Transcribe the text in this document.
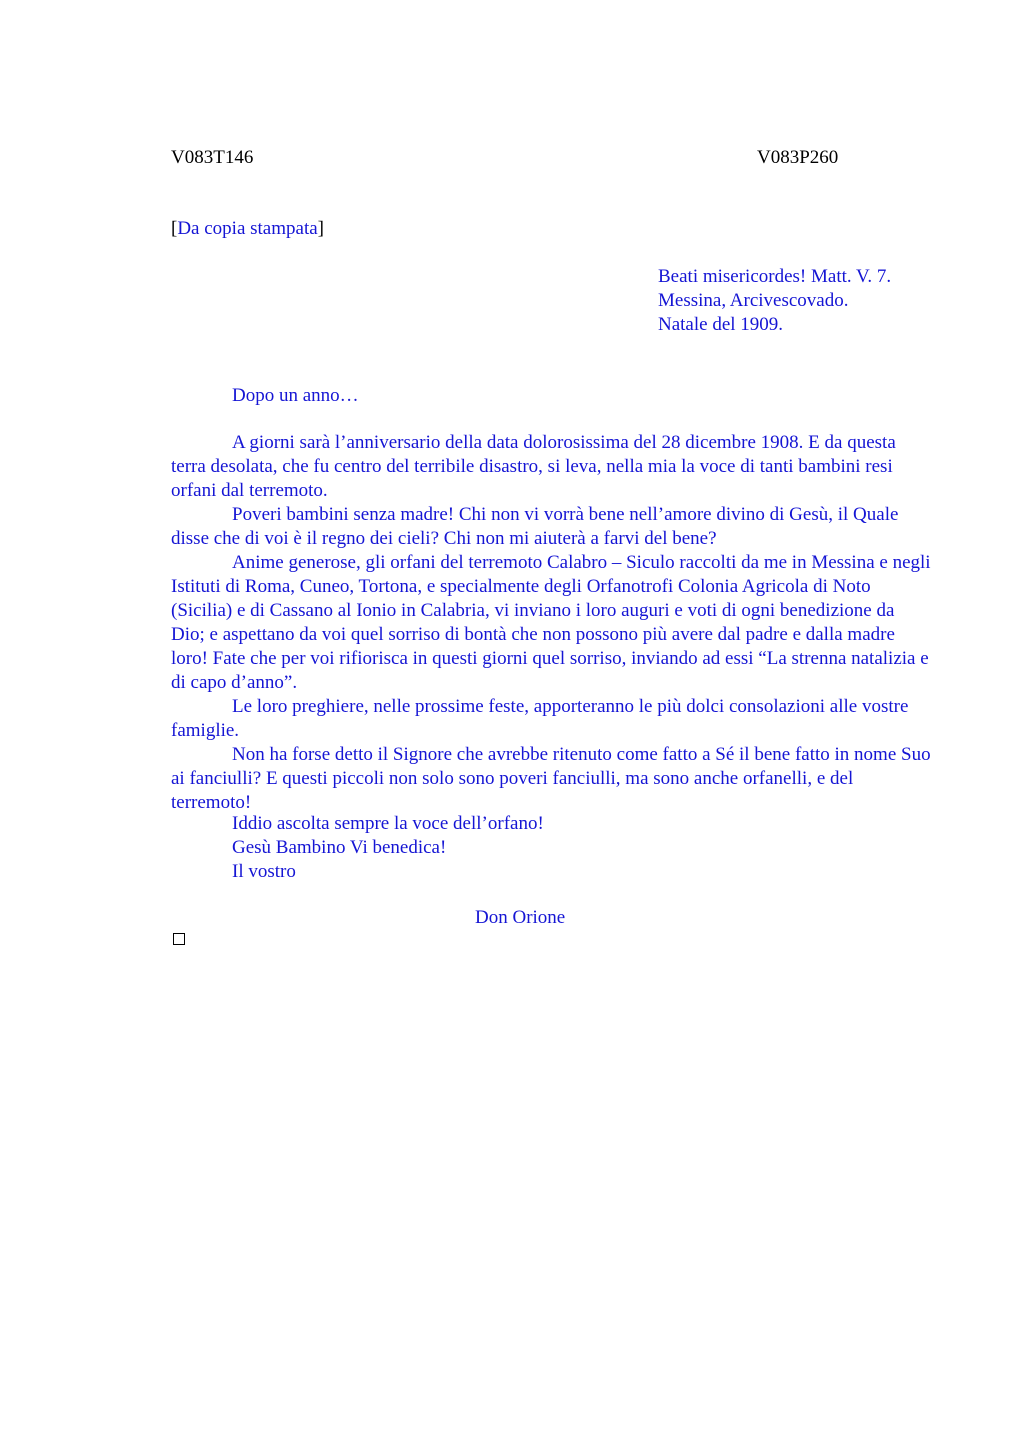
V083T146	V083P260
[Da copia stampata]
Beati misericordes! Matt. V. 7.
Messina, Arcivescovado.
Natale del 1909.
Dopo un anno…

A giorni sarà l’anniversario della data dolorosissima del 28 dicembre 1908. E da questa terra desolata, che fu centro del terribile disastro, si leva, nella mia la voce di tanti bambini resi orfani dal terremoto.

Poveri bambini senza madre! Chi non vi vorrà bene nell’amore divino di Gesù, il Quale disse che di voi è il regno dei cieli? Chi non mi aiuterà a farvi del bene?

Anime generose, gli orfani del terremoto Calabro – Siculo raccolti da me in Messina e negli Istituti di Roma, Cuneo, Tortona, e specialmente degli Orfanotrofi Colonia Agricola di Noto (Sicilia) e di Cassano al Ionio in Calabria, vi inviano i loro auguri e voti di ogni benedizione da Dio; e aspettano da voi quel sorriso di bontà che non possono più avere dal padre e dalla madre loro! Fate che per voi rifiorisca in questi giorni quel sorriso, inviando ad essi “La strenna natalizia e di capo d’anno”.

Le loro preghiere, nelle prossime feste, apporteranno le più dolci consolazioni alle vostre famiglie.

Non ha forse detto il Signore che avrebbe ritenuto come fatto a Sé il bene fatto in nome Suo ai fanciulli? E questi piccoli non solo sono poveri fanciulli, ma sono anche orfanelli, e del terremoto!

Iddio ascolta sempre la voce dell’orfano!
Gesù Bambino Vi benedica!
Il vostro
Don Orione
